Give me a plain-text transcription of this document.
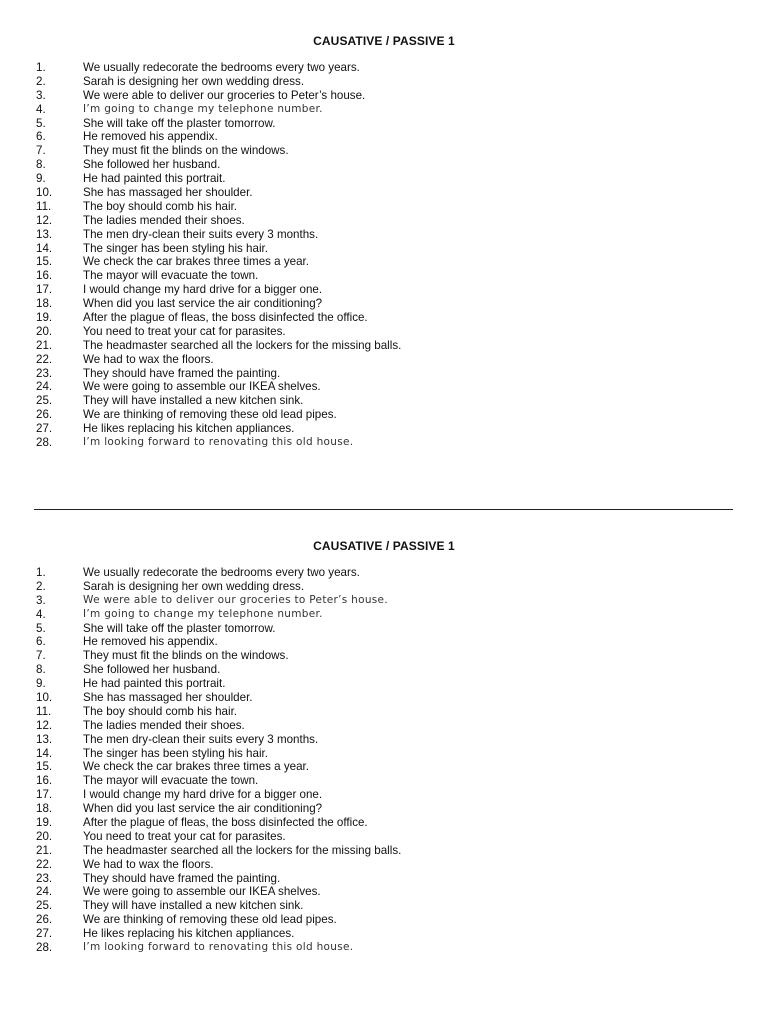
CAUSATIVE / PASSIVE 1
1.	We usually redecorate the bedrooms every two years.
2.	Sarah is designing her own wedding dress.
3.	We were able to deliver our groceries to Peter’s house.
4.	I’m going to change my telephone number.
5.	She will take off the plaster tomorrow.
6.	He removed his appendix.
7.	They must fit the blinds on the windows.
8.	She followed her husband.
9.	He had painted this portrait.
10.	She has massaged her shoulder.
11.	The boy should comb his hair.
12.	The ladies mended their shoes.
13.	The men dry-clean their suits every 3 months.
14.	The singer has been styling his hair.
15.	We check the car brakes three times a year.
16.	The mayor will evacuate the town.
17.	I would change my hard drive for a bigger one.
18.	When did you last service the air conditioning?
19.	After the plague of fleas, the boss disinfected the office.
20.	You need to treat your cat for parasites.
21.	The headmaster searched all the lockers for the missing balls.
22.	We had to wax the floors.
23.	They should have framed the painting.
24.	We were going to assemble our IKEA shelves.
25.	They will have installed a new kitchen sink.
26.	We are thinking of removing these old lead pipes.
27.	He likes replacing his kitchen appliances.
28.	I’m looking forward to renovating this old house.
CAUSATIVE / PASSIVE 1
1.	We usually redecorate the bedrooms every two years.
2.	Sarah is designing her own wedding dress.
3.	We were able to deliver our groceries to Peter’s house.
4.	I’m going to change my telephone number.
5.	She will take off the plaster tomorrow.
6.	He removed his appendix.
7.	They must fit the blinds on the windows.
8.	She followed her husband.
9.	He had painted this portrait.
10.	She has massaged her shoulder.
11.	The boy should comb his hair.
12.	The ladies mended their shoes.
13.	The men dry-clean their suits every 3 months.
14.	The singer has been styling his hair.
15.	We check the car brakes three times a year.
16.	The mayor will evacuate the town.
17.	I would change my hard drive for a bigger one.
18.	When did you last service the air conditioning?
19.	After the plague of fleas, the boss disinfected the office.
20.	You need to treat your cat for parasites.
21.	The headmaster searched all the lockers for the missing balls.
22.	We had to wax the floors.
23.	They should have framed the painting.
24.	We were going to assemble our IKEA shelves.
25.	They will have installed a new kitchen sink.
26.	We are thinking of removing these old lead pipes.
27.	He likes replacing his kitchen appliances.
28.	I’m looking forward to renovating this old house.
